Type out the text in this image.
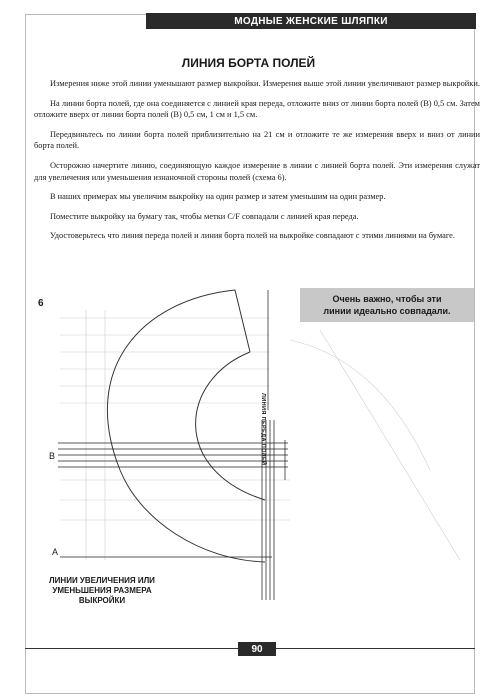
МОДНЫЕ ЖЕНСКИЕ ШЛЯПКИ
ЛИНИЯ БОРТА ПОЛЕЙ

Измерения ниже этой линии уменьшают размер выкройки. Измерения выше этой линии увеличивают размер выкройки.

На линии борта полей, где она соединяется с линией края переда, отложите вниз от линии борта полей (В) 0,5 см. Затем отложите вверх от линии борта полей (В) 0,5 см, 1 см и 1,5 см.

Передвиньтесь по линии борта полей приблизительно на 21 см и отложите те же измерения вверх и вниз от линии борта полей.

Осторожно начертите линию, соединяющую каждое измерение в линии с линией борта полей. Эти измерения служат для увеличения или уменьшения изнаночной стороны полей (схема 6).

В наших примерах мы увеличим выкройку на один размер и затем уменьшим на один размер.

Поместите выкройку на бумагу так, чтобы метки С/F совпадали с линией края переда.

Удостоверьтесь что линия переда полей и линия борта полей на выкройке совпадают с этими линиями на бумаге.

Очень важно, чтобы эти
линии идеально совпадали.
6
B
A
ЛИНИЯ ПЕРЕДА ПОЛЕЙ
ЛИНИИ УВЕЛИЧЕНИЯ ИЛИ
УМЕНЬШЕНИЯ РАЗМЕРА
ВЫКРОЙКИ
90
